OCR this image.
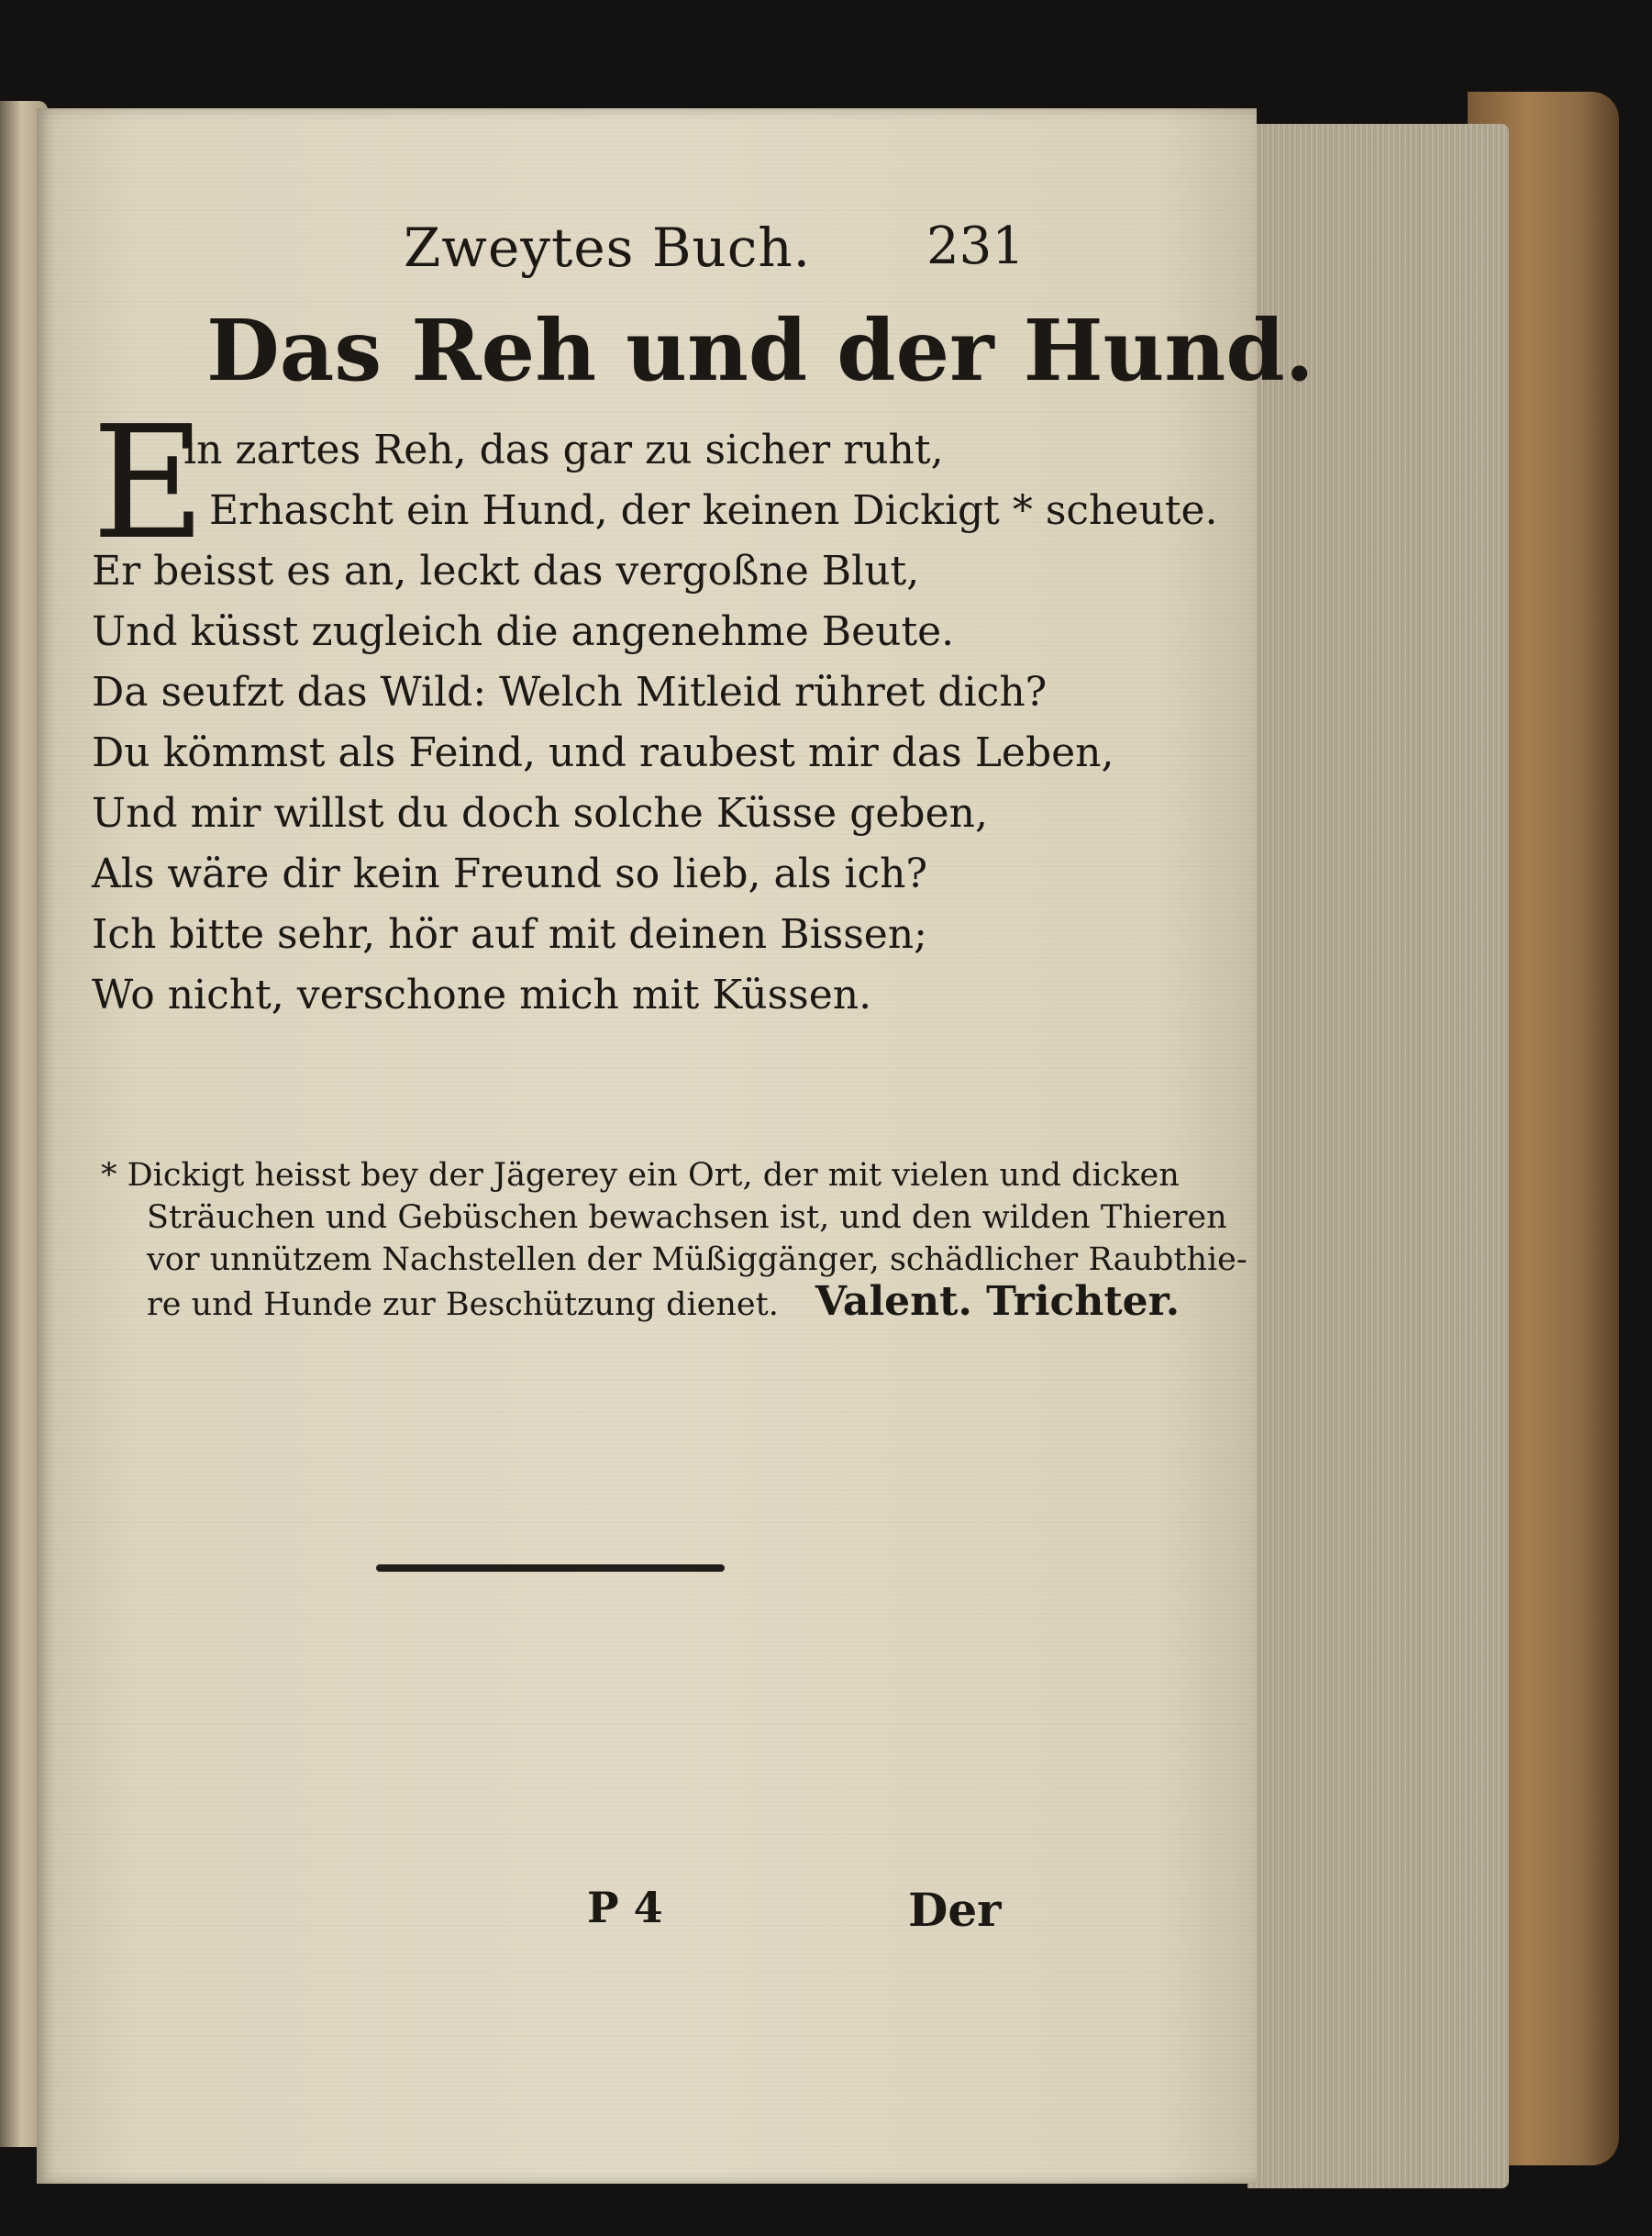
Zweytes Buch. 231
Das Reh und der Hund.
E
in zartes Reh, das gar zu sicher ruht,
Erhascht ein Hund, der keinen Dickigt * scheute.
Er beisst es an, leckt das vergoßne Blut,
Und küsst zugleich die angenehme Beute.
Da seufzt das Wild: Welch Mitleid rühret dich?
Du kömmst als Feind, und raubest mir das Leben,
Und mir willst du doch solche Küsse geben,
Als wäre dir kein Freund so lieb, als ich?
Ich bitte sehr, hör auf mit deinen Bissen;
Wo nicht, verschone mich mit Küssen.
* Dickigt heisst bey der Jägerey ein Ort, der mit vielen und dicken
Sträuchen und Gebüschen bewachsen ist, und den wilden Thieren
vor unnützem Nachstellen der Müßiggänger, schädlicher Raubthie-
re und Hunde zur Beschützung dienet. Valent. Trichter.
P 4	Der
